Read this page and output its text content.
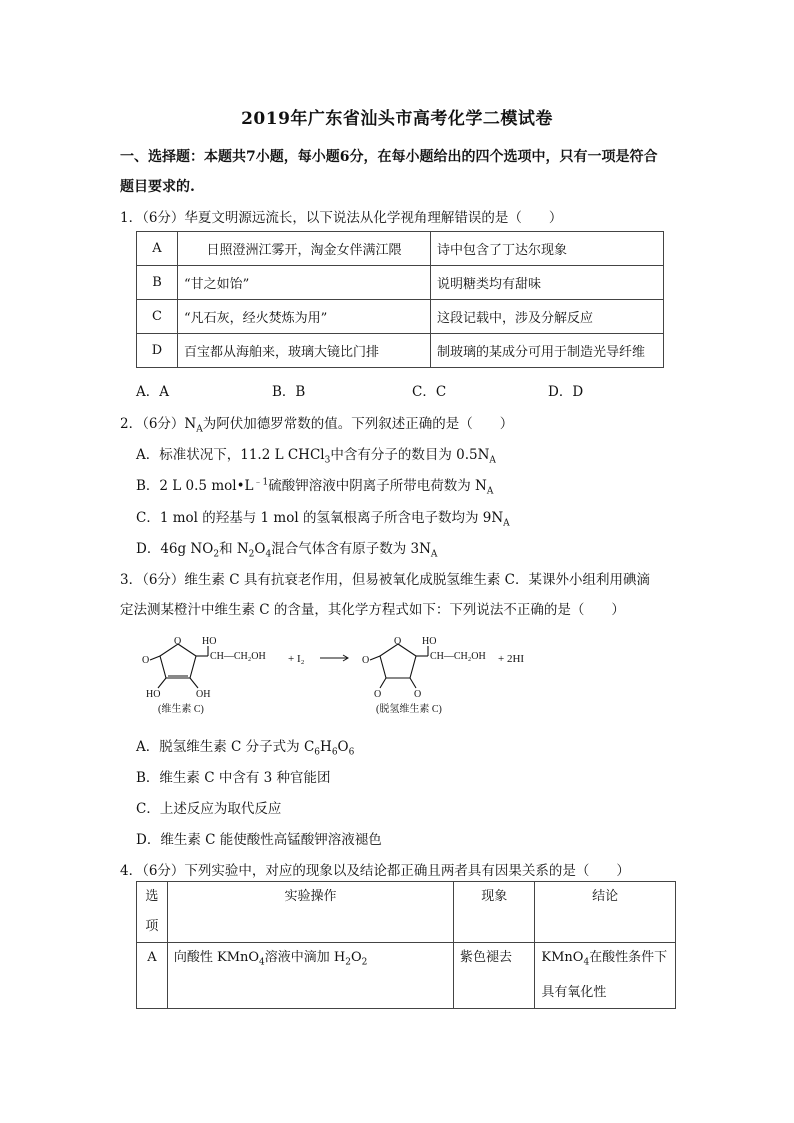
2019年广东省汕头市高考化学二模试卷
一、选择题：本题共7小题，每小题6分，在每小题给出的四个选项中，只有一项是符合
题目要求的.
1．（6分）华夏文明源远流长，以下说法从化学视角理解错误的是（　　）
A	日照澄洲江雾开，淘金女伴满江隈	诗中包含了丁达尔现象
B	“甘之如饴”	说明糖类均有甜味
C	“凡石灰，经火焚炼为用”	这段记载中，涉及分解反应
D	百宝都从海舶来，玻璃大镜比门排	制玻璃的某成分可用于制造光导纤维
A．A	B．B	C．C	D．D
2．（6分）$N_A$为阿伏加德罗常数的值。下列叙述正确的是（　　）
A．标准状况下，11.2 L CHCl$_3$中含有分子的数目为 $0.5N_A$
B．2 L 0.5 $mol•L^{﹣1}$硫酸钾溶液中阴离子所带电荷数为 $N_A$
C．1 mol 的羟基与 1 mol 的氢氧根离子所含电子数均为 $9N_A$
D．46g $NO_2$和 $N_2O_4$混合气体含有原子数为 $3N_A$
3．（6分）维生素 C 具有抗衰老作用，但易被氧化成脱氢维生素 C．某课外小组利用碘滴
定法测某橙汁中维生素 C 的含量，其化学方程式如下：下列说法不正确的是（　　）
O
O
HO
CH—CH₂OH
HO	OH
(维生素 C)
+ I₂
O
O
HO
CH—CH₂OH
O	O
(脱氢维生素 C)
+ 2HI
A．脱氢维生素 C 分子式为 $C_6H_6O_6$
B．维生素 C 中含有 3 种官能团
C．上述反应为取代反应
D．维生素 C 能使酸性高锰酸钾溶液褪色
4．（6分）下列实验中，对应的现象以及结论都正确且两者具有因果关系的是（　　）
选
项	实验操作	现象	结论
A	向酸性 KMnO$_4$溶液中滴加 $H_2O_2$	紫色褪去	KMnO$_4$在酸性条件下
具有氧化性
